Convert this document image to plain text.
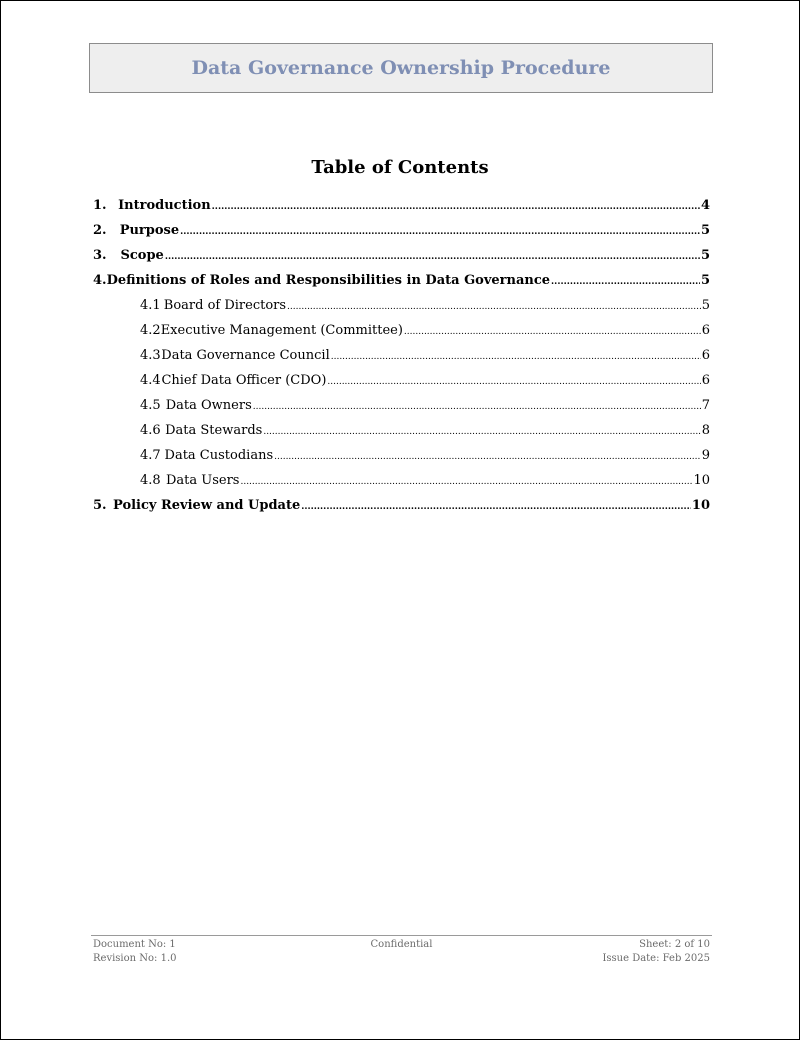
Data Governance Ownership Procedure
Table of Contents
1. Introduction .....	4
2.	Purpose .....	5
3.	Scope .....	5
4. Definitions of Roles and Responsibilities in Data Governance .....	5
4.1 Board of Directors .....	5
4.2 Executive Management (Committee) .....	6
4.3 Data Governance Council .....	6
4.4 Chief Data Officer (CDO) .....	6
4.5 Data Owners .....	7
4.6 Data Stewards .....	8
4.7 Data Custodians .....	9
4.8 Data Users .....	10
5. Policy Review and Update .....	10
Document No: 1
Revision No: 1.0
Confidential	Sheet: 2 of 10
Issue Date: Feb 2025
